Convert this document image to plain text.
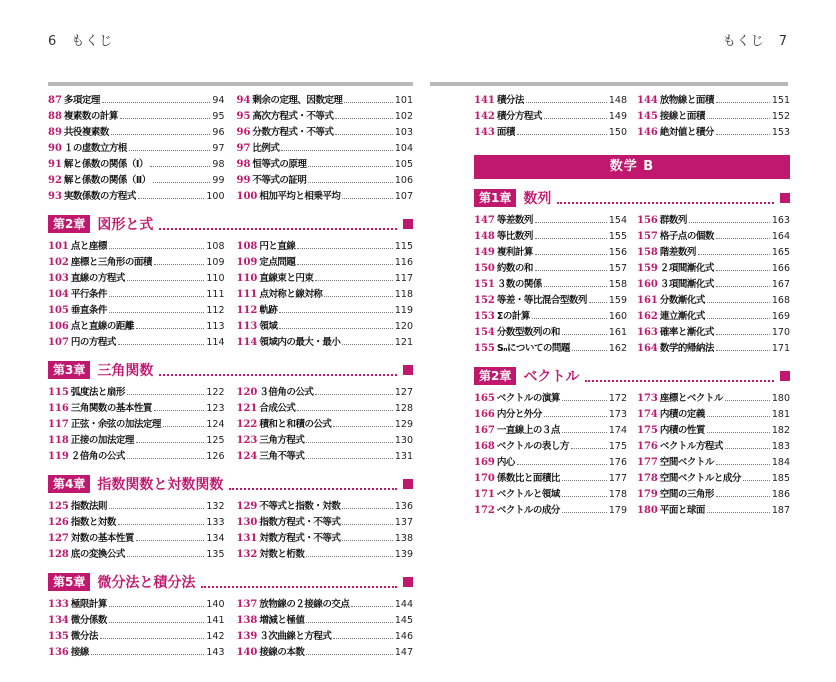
6　もくじ	もくじ　7
87 多項定理	94 94 剰余の定理、因数定理	101
88 複素数の計算	95 95 高次方程式・不等式	102
89 共役複素数	96 96 分数方程式・不等式	103
90 １の虚数立方根	97 97 比例式	104
91 解と係数の関係（Ⅰ）	98 98 恒等式の原理	105
92 解と係数の関係（Ⅱ）	99 99 不等式の証明	106
93 実数係数の方程式	100 100 相加平均と相乗平均	107
第2章 図形と式
101 点と座標	108 108 円と直線	115
102 座標と三角形の面積	109 109 定点問題	116
103 直線の方程式	110 110 直線束と円束	117
104 平行条件	111 111 点対称と線対称	118
105 垂直条件	112 112 軌跡	119
106 点と直線の距離	113 113 領域	120
107 円の方程式	114 114 領域内の最大・最小	121
第3章 三角関数
115 弧度法と扇形	122 120 ３倍角の公式	127
116 三角関数の基本性質	123 121 合成公式	128
117 正弦・余弦の加法定理	124 122 積和と和積の公式	129
118 正接の加法定理	125 123 三角方程式	130
119 ２倍角の公式	126 124 三角不等式	131
第4章 指数関数と対数関数
125 指数法則	132 129 不等式と指数・対数	136
126 指数と対数	133 130 指数方程式・不等式	137
127 対数の基本性質	134 131 対数方程式・不等式	138
128 底の変換公式	135 132 対数と桁数	139
第5章 微分法と積分法
133 極限計算	140 137 放物線の２接線の交点	144
134 微分係数	141 138 増減と極値	145
135 微分法	142 139 ３次曲線と方程式	146
136 接線	143 140 接線の本数	147
141 積分法	148 144 放物線と面積	151
142 積分方程式	149 145 接線と面積	152
143 面積	150 146 絶対値と積分	153
数学 B
第1章 数列
147 等差数列	154 156 群数列	163
148 等比数列	155 157 格子点の個数	164
149 複利計算	156 158 階差数列	165
150 約数の和	157 159 ２項間漸化式	166
151 ３数の関係	158 160 ３項間漸化式	167
152 等差・等比混合型数列 159 161 分数漸化式	168
153 Σの計算	160 162 連立漸化式	169
154 分数型数列の和	161 163 確率と漸化式	170
155 Sₙについての問題	162 164 数学的帰納法	171
第2章 ベクトル
165 ベクトルの演算	172 173 座標とベクトル	180
166 内分と外分	173 174 内積の定義	181
167 一直線上の３点	174 175 内積の性質	182
168 ベクトルの表し方	175 176 ベクトル方程式	183
169 内心	176 177 空間ベクトル	184
170 係数比と面積比	177 178 空間ベクトルと成分	185
171 ベクトルと領域	178 179 空間の三角形	186
172 ベクトルの成分	179 180 平面と球面	187
